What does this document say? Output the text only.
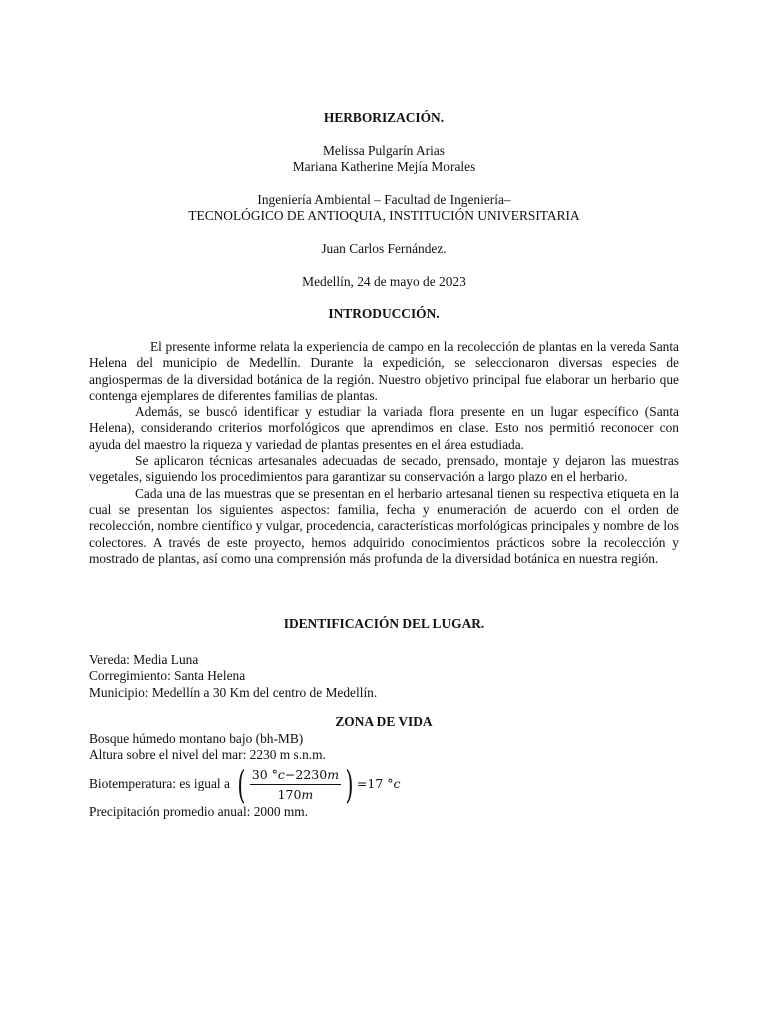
HERBORIZACIÓN.
Melissa Pulgarín Arias
Mariana Katherine Mejía Morales
Ingeniería Ambiental – Facultad de Ingeniería–
TECNOLÓGICO DE ANTIOQUIA, INSTITUCIÓN UNIVERSITARIA
Juan Carlos Fernández.
Medellín, 24 de mayo de 2023
INTRODUCCIÓN.

El presente informe relata la experiencia de campo en la recolección de plantas en la vereda Santa Helena del municipio de Medellín. Durante la expedición, se seleccionaron diversas especies de angiospermas de la diversidad botánica de la región. Nuestro objetivo principal fue elaborar un herbario que contenga ejemplares de diferentes familias de plantas.

Además, se buscó identificar y estudiar la variada flora presente en un lugar específico (Santa Helena), considerando criterios morfológicos que aprendimos en clase. Esto nos permitió reconocer con ayuda del maestro la riqueza y variedad de plantas presentes en el área estudiada.

Se aplicaron técnicas artesanales adecuadas de secado, prensado, montaje y dejaron las muestras vegetales, siguiendo los procedimientos para garantizar su conservación a largo plazo en el herbario.

Cada una de las muestras que se presentan en el herbario artesanal tienen su respectiva etiqueta en la cual se presentan los siguientes aspectos: familia, fecha y enumeración de acuerdo con el orden de recolección, nombre científico y vulgar, procedencia, características morfológicas principales y nombre de los colectores. A través de este proyecto, hemos adquirido conocimientos prácticos sobre la recolección y mostrado de plantas, así como una comprensión más profunda de la diversidad botánica en nuestra región.

IDENTIFICACIÓN DEL LUGAR.
Vereda: Media Luna
Corregimiento: Santa Helena
Municipio: Medellín a 30 Km del centro de Medellín.
ZONA DE VIDA
Bosque húmedo montano bajo (bh-MB)
Altura sobre el nivel del mar: 2230 m s.n.m.
Biotemperatura: es igual a ( $\frac{30 ^\circ c-2230m}{170m}$ ) =17 °c
Precipitación promedio anual: 2000 mm.
